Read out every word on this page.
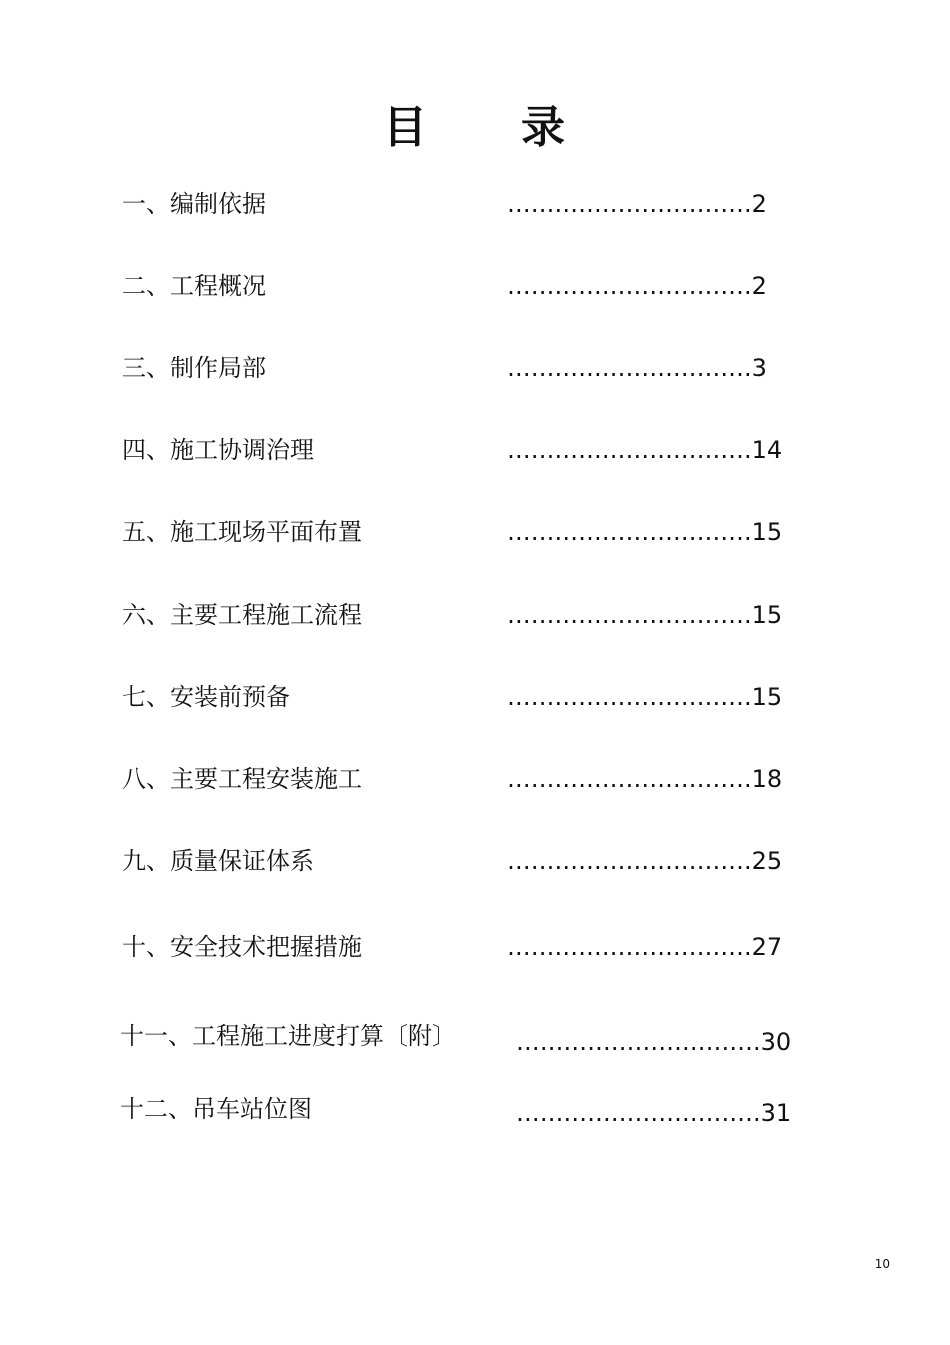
目　　录
一、编制依据	………………………… .2
二、工程概况	………………………… .2
三、制作局部	………………………… .3
四、施工协调治理	………………………… .14
五、施工现场平面布置	………………………… .15
六、主要工程施工流程	………………………… .15
七、安装前预备	………………………… .15
八、主要工程安装施工	………………………… .18
九、质量保证体系	………………………… .25
十、安全技术把握措施	………………………… .27
十一、工程施工进度打算〔附〕	………………………… .30
十二、吊车站位图	………………………… .31
10
